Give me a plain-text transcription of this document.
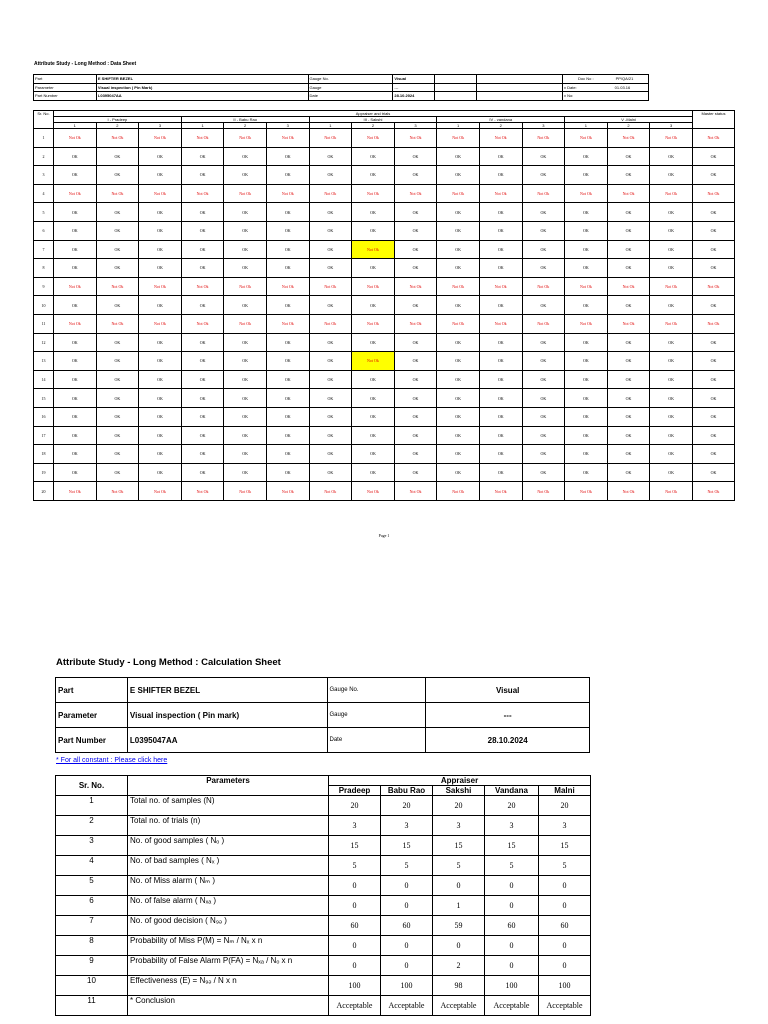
Attribute Study - Long Method : Data Sheet
Part	E SHIFTER BEZEL	Gauge No.	Visual			Doc No : PP/QA/21
Parameter	Visual inspection ( Pin Mark)	Gauge	---			v Date: 01.03.16
Part Number	L0395047AA	Date	28.10.2024			v No:
Sr. No.	Appraiser and trials															Master status
	I - Pradeep			II - Babu Rao			III - Sakshi			IV - vandana			V -Malni			
	1	2	3	1	2	3	1	2	3	1	2	3	1	2	3	
1	Not Ok	Not Ok	Not Ok	Not Ok	Not Ok	Not Ok	Not Ok	Not Ok	Not Ok	Not Ok	Not Ok	Not Ok	Not Ok	Not Ok	Not Ok	Not Ok
2	OK	OK	OK	OK	OK	OK	OK	OK	OK	OK	OK	OK	OK	OK	OK	OK
3	OK	OK	OK	OK	OK	OK	OK	OK	OK	OK	OK	OK	OK	OK	OK	OK
4	Not Ok	Not Ok	Not Ok	Not Ok	Not Ok	Not Ok	Not Ok	Not Ok	Not Ok	Not Ok	Not Ok	Not Ok	Not Ok	Not Ok	Not Ok	Not Ok
5	OK	OK	OK	OK	OK	OK	OK	OK	OK	OK	OK	OK	OK	OK	OK	OK
6	OK	OK	OK	OK	OK	OK	OK	OK	OK	OK	OK	OK	OK	OK	OK	OK
7	OK	OK	OK	OK	OK	OK	OK	Not Ok	OK	OK	OK	OK	OK	OK	OK	OK
8	OK	OK	OK	OK	OK	OK	OK	OK	OK	OK	OK	OK	OK	OK	OK	OK
9	Not Ok	Not Ok	Not Ok	Not Ok	Not Ok	Not Ok	Not Ok	Not Ok	Not Ok	Not Ok	Not Ok	Not Ok	Not Ok	Not Ok	Not Ok	Not Ok
10	OK	OK	OK	OK	OK	OK	OK	OK	OK	OK	OK	OK	OK	OK	OK	OK
11	Not Ok	Not Ok	Not Ok	Not Ok	Not Ok	Not Ok	Not Ok	Not Ok	Not Ok	Not Ok	Not Ok	Not Ok	Not Ok	Not Ok	Not Ok	Not Ok
12	OK	OK	OK	OK	OK	OK	OK	OK	OK	OK	OK	OK	OK	OK	OK	OK
13	OK	OK	OK	OK	OK	OK	OK	Not Ok	OK	OK	OK	OK	OK	OK	OK	OK
14	OK	OK	OK	OK	OK	OK	OK	OK	OK	OK	OK	OK	OK	OK	OK	OK
15	OK	OK	OK	OK	OK	OK	OK	OK	OK	OK	OK	OK	OK	OK	OK	OK
16	OK	OK	OK	OK	OK	OK	OK	OK	OK	OK	OK	OK	OK	OK	OK	OK
17	OK	OK	OK	OK	OK	OK	OK	OK	OK	OK	OK	OK	OK	OK	OK	OK
18	OK	OK	OK	OK	OK	OK	OK	OK	OK	OK	OK	OK	OK	OK	OK	OK
19	OK	OK	OK	OK	OK	OK	OK	OK	OK	OK	OK	OK	OK	OK	OK	OK
20	Not Ok	Not Ok	Not Ok	Not Ok	Not Ok	Not Ok	Not Ok	Not Ok	Not Ok	Not Ok	Not Ok	Not Ok	Not Ok	Not Ok	Not Ok	Not Ok
Page 1
Attribute Study - Long Method : Calculation Sheet
Part	E SHIFTER BEZEL	Gauge No.	Visual
Parameter	Visual inspection ( Pin mark)	Gauge	---
Part Number	L0395047AA	Date	28.10.2024
* For all constant : Please click here
Sr. No.	Parameters	Appraiser				
		Pradeep	Babu Rao	Sakshi	Vandana	Malni
1	Total no. of samples (N)	20	20	20	20	20
2	Total no. of trials (n)	3	3	3	3	3
3	No. of good samples ( Nₒ )	15	15	15	15	15
4	No. of bad samples ( Nₓ )	5	5	5	5	5
5	No. of Miss alarm ( Nₘ )	0	0	0	0	0
6	No. of false alarm ( Nₓₐ )	0	0	1	0	0
7	No. of good decision ( N₉ₔ )	60	60	59	60	60
8	Probability of Miss P(M) = Nₘ / Nₓ x n	0	0	0	0	0
9	Probability of False Alarm P(FA) = Nₓₐ / Nₒ x n	0	0	2	0	0
10	Effectiveness (E) = N₉ₔ / N x n	100	100	98	100	100
11	* Conclusion	Acceptable	Acceptable	Acceptable	Acceptable	Acceptable
